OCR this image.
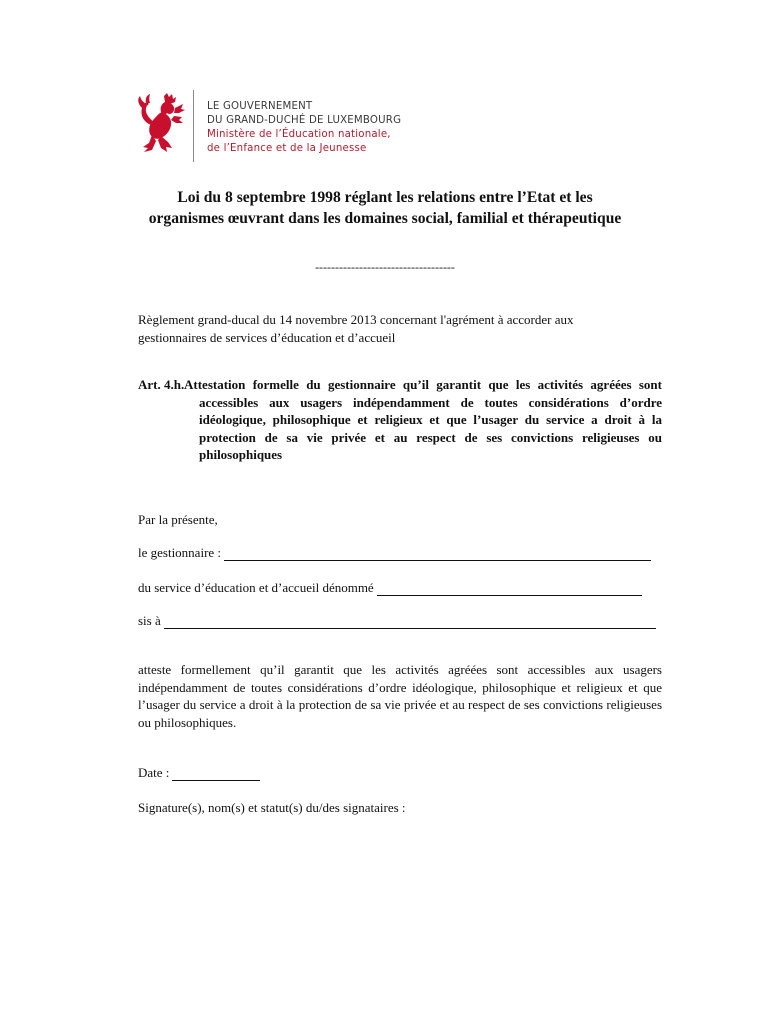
LE GOUVERNEMENT
DU GRAND-DUCHÉ DE LUXEMBOURG
Ministère de l’Éducation nationale,
de l’Enfance et de la Jeunesse
Loi du 8 septembre 1998 réglant les relations entre l’Etat et les
organismes œuvrant dans les domaines social, familial et thérapeutique
-----------------------------------
Règlement grand-ducal du 14 novembre 2013 concernant l'agrément à accorder aux
gestionnaires de services d’éducation et d’accueil
Art. 4.h. Attestation formelle du gestionnaire qu’il garantit que les activités agréées sont accessibles aux usagers indépendamment de toutes considérations d’ordre idéologique, philosophique et religieux et que l’usager du service a droit à la protection de sa vie privée et au respect de ses convictions religieuses ou philosophiques
Par la présente,
le gestionnaire :
du service d’éducation et d’accueil dénommé
sis à
atteste formellement qu’il garantit que les activités agréées sont accessibles aux usagers indépendamment de toutes considérations d’ordre idéologique, philosophique et religieux et que l’usager du service a droit à la protection de sa vie privée et au respect de ses convictions religieuses ou philosophiques.
Date :
Signature(s), nom(s) et statut(s) du/des signataires :
